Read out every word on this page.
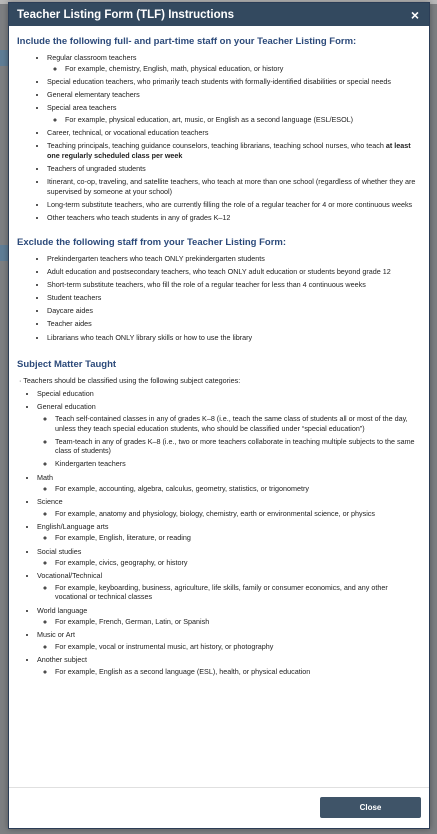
Teacher Listing Form (TLF) Instructions	×
Include the following full- and part-time staff on your Teacher Listing Form:
• Regular classroom teachers
◦ For example, chemistry, English, math, physical education, or history
• Special education teachers, who primarily teach students with formally-identified disabilities or special needs
• General elementary teachers
• Special area teachers
◦ For example, physical education, art, music, or English as a second language (ESL/ESOL)
• Career, technical, or vocational education teachers
• Teaching principals, teaching guidance counselors, teaching librarians, teaching school nurses, who teach at least one regularly scheduled class per week
• Teachers of ungraded students
• Itinerant, co-op, traveling, and satellite teachers, who teach at more than one school (regardless of whether they are supervised by someone at your school)
• Long-term substitute teachers, who are currently filling the role of a regular teacher for 4 or more continuous weeks
• Other teachers who teach students in any of grades K–12
Exclude the following staff from your Teacher Listing Form:
• Prekindergarten teachers who teach ONLY prekindergarten students
• Adult education and postsecondary teachers, who teach ONLY adult education or students beyond grade 12
• Short-term substitute teachers, who fill the role of a regular teacher for less than 4 continuous weeks
• Student teachers
• Daycare aides
• Teacher aides
• Librarians who teach ONLY library skills or how to use the library
Subject Matter Taught
· Teachers should be classified using the following subject categories:
• Special education
• General education
◦ Teach self-contained classes in any of grades K–8 (i.e., teach the same class of students all or most of the day, unless they teach special education students, who should be classified under “special education”)
◦ Team-teach in any of grades K–8 (i.e., two or more teachers collaborate in teaching multiple subjects to the same class of students)
◦ Kindergarten teachers
• Math
◦ For example, accounting, algebra, calculus, geometry, statistics, or trigonometry
• Science
◦ For example, anatomy and physiology, biology, chemistry, earth or environmental science, or physics
• English/Language arts
◦ For example, English, literature, or reading
• Social studies
◦ For example, civics, geography, or history
• Vocational/Technical
◦ For example, keyboarding, business, agriculture, life skills, family or consumer economics, and any other vocational or technical classes
• World language
◦ For example, French, German, Latin, or Spanish
• Music or Art
◦ For example, vocal or instrumental music, art history, or photography
• Another subject
◦ For example, English as a second language (ESL), health, or physical education
Close
